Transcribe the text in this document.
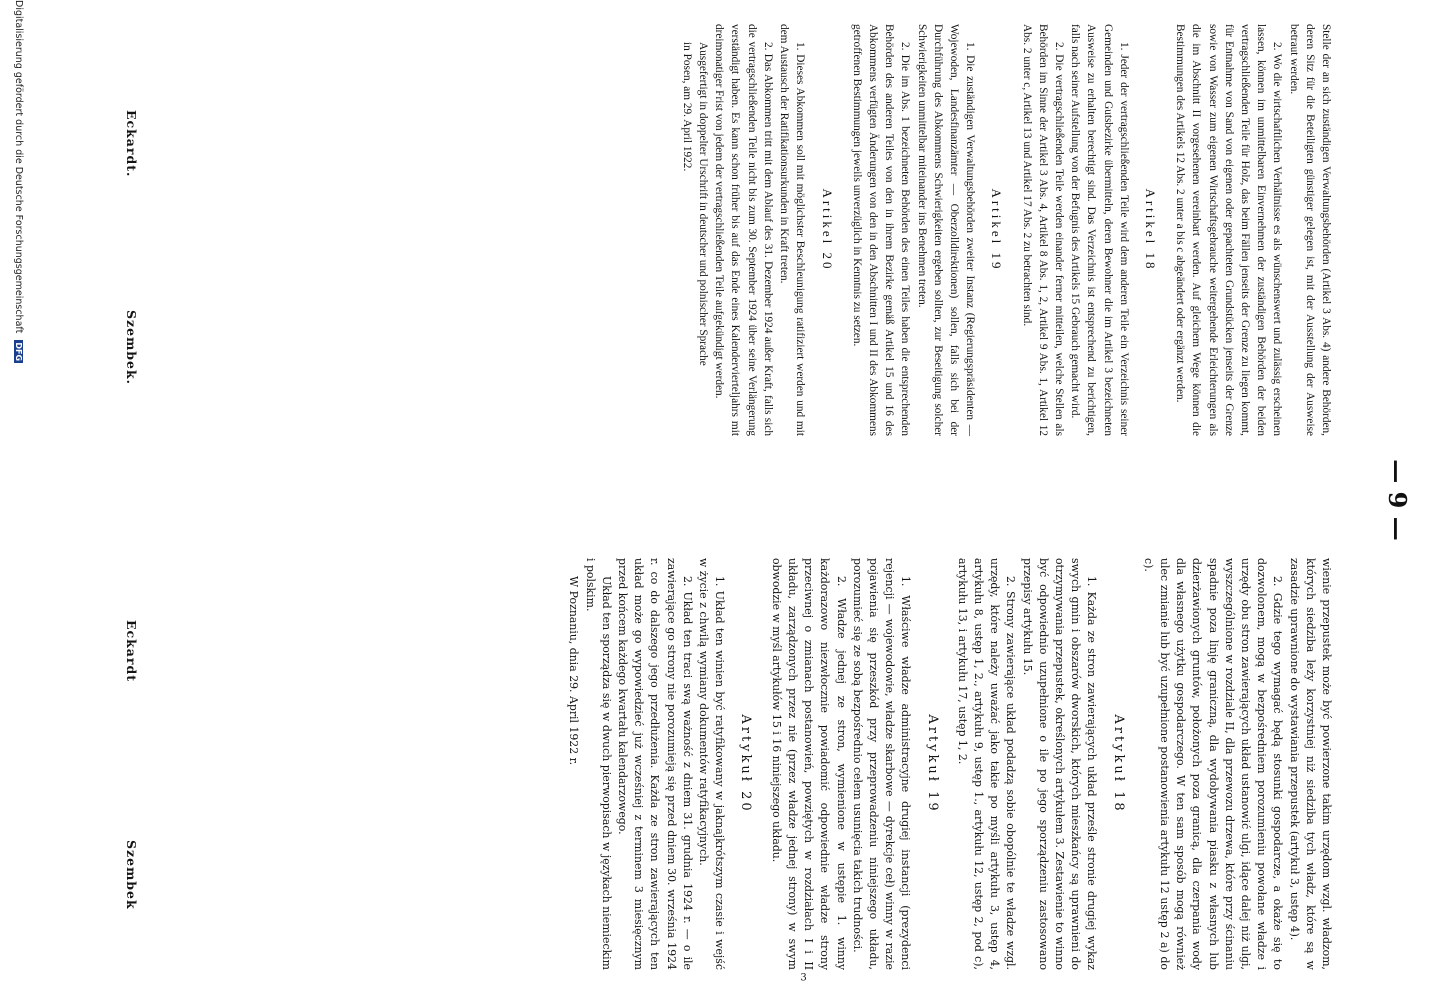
— 9 —

Stelle der an sich zuständigen Verwaltungsbehörden (Artikel 3 Abs. 4) andere Behörden, deren Sitz für die Beteiligten günstiger gelegen ist, mit der Ausstellung der Ausweise betraut werden.

2. Wo die wirtschaftlichen Verhältnisse es als wünschenswert und zulässig erscheinen lassen, können im unmittelbaren Einvernehmen der zuständigen Behörden der beiden vertragschließenden Teile für Holz, das beim Fällen jenseits der Grenze zu liegen kommt, für Entnahme von Sand von eigenen oder gepachteten Grundstücken jenseits der Grenze sowie von Wasser zum eigenen Wirtschaftsgebrauche weitergehende Erleichterungen als die im Abschnitt II vorgesehenen vereinbart werden. Auf gleichem Wege können die Bestimmungen des Artikels 12 Abs. 2 unter a bis c abgeändert oder ergänzt werden.

Artikel 18

1. Jeder der vertragschließenden Teile wird dem anderen Teile ein Verzeichnis seiner Gemeinden und Gutsbezirke übermitteln, deren Bewohner die im Artikel 3 bezeichneten Ausweise zu erhalten berechtigt sind. Das Verzeichnis ist entsprechend zu berichtigen, falls nach seiner Aufstellung von der Befugnis des Artikels 15 Gebrauch gemacht wird.

2. Die vertragschließenden Teile werden einander ferner mitteilen, welche Stellen als Behörden im Sinne der Artikel 3 Abs. 4, Artikel 8 Abs. 1, 2, Artikel 9 Abs. 1, Artikel 12 Abs. 2 unter c, Artikel 13 und Artikel 17 Abs. 2 zu betrachten sind.

Artikel 19

1. Die zuständigen Verwaltungsbehörden zweiter Instanz (Regierungspräsidenten — Wojewoden, Landesfinanzämter — Oberzolldirektionen) sollen, falls sich bei der Durchführung des Abkommens Schwierigkeiten ergeben sollten, zur Beseitigung solcher Schwierigkeiten unmittelbar miteinander ins Benehmen treten.

2. Die im Abs. 1 bezeichneten Behörden des einen Teiles haben die entsprechenden Behörden des anderen Teiles von den in ihrem Bezirke gemäß Artikel 15 und 16 des Abkommens verfügten Änderungen von den in den Abschnitten I und II des Abkommens getroffenen Bestimmungen jeweils unverzüglich in Kenntnis zu setzen.

Artikel 20

1. Dieses Abkommen soll mit möglichster Beschleunigung ratifiziert werden und mit dem Austausch der Ratifikationsurkunden in Kraft treten.

2. Das Abkommen tritt mit dem Ablauf des 31. Dezember 1924 außer Kraft, falls sich die vertragschließenden Teile nicht bis zum 30. September 1924 über seine Verlängerung verständigt haben. Es kann schon früher bis auf das Ende eines Kalendervierteljahrs mit dreimonatiger Frist von jedem der vertragschließenden Teile aufgekündigt werden.

Ausgefertigt in doppelter Urschrift in deutscher und polnischer Sprache

in Posen, am 29. April 1922.

Eckardt.
Szembek.

wienie przepustek może być powierzone takim urzędom wzgl. władzom, których siedziba leży korzystniej niż siedziba tych władz, które są w zasadzie uprawnione do wystawiania przepustek (artykuł 3, ustęp 4).

2. Gdzie tego wymagać będą stosunki gospodarcze, a okaże się to dozwolonem, mogą w bezpośredniem porozumieniu powołane władze i urzędy obu stron zawierających układ ustanowić ulgi, idące dalej niż ulgi, wyszczególnione w rozdziale II, dla przewozu drzewa, które przy ścinaniu spadnie poza linję graniczną, dla wydobywania piasku z własnych lub dzierżawionych gruntów, położonych poza granicą, dla czerpania wody dla własnego użytku gospodarczego. W ten sam sposób mogą również ulec zmianie lub być uzupełnione postanowienia artykułu 12 ustęp 2 a) do c).

Artykuł 18

1. Każda ze stron zawierających układ prześle stronie drugiej wykaz swych gmin i obszarów dworskich, których mieszkańcy są uprawnieni do otrzymywania przepustek, określonych artykułem 3. Zestawienie to winno być odpowiednio uzupełnione o ile po jego sporządzeniu zastosowano przepisy artykułu 15.

2. Strony zawierające układ podadzą sobie obopólnie te władze wzgl. urzędy, które należy uważać jako takie po myśli artykułu 3, ustęp 4, artykułu 8, ustęp 1, 2., artykułu 9, ustęp 1., artykułu 12, ustęp 2, pod c), artykułu 13, i artykułu 17, ustęp 1, 2.

Artykuł 19

1. Właściwe władze administracyjne drugiej instancji (prezydenci rejencji — wojewodowie, władze skarbowe — dyrekcje ceł) winny w razie pojawienia się przeszkód przy przeprowadzeniu niniejszego układu, porozumieć się ze sobą bezpośrednio celem usunięcia takich trudności.

2. Władze jednej ze stron, wymienione w ustępie 1. winny każdorazowo niezwłocznie powiadomić odpowiednie władze strony przeciwnej o zmianach postanowień, powziętych w rozdziałach I i II układu, zarządzonych przez nie (przez władze jednej strony) w swym obwodzie w myśl artykułów 15 i 16 niniejszego układu.

Artykuł 20

1. Układ ten winien być ratyfikowany w jaknajkrótszym czasie i wejść w życie z chwilą wymiany dokumentów ratyfikacyjnych.

2. Układ ten traci swą ważność z dniem 31. grudnia 1924 r. — o ile zawierające go strony nie porozumieją się przed dniem 30. września 1924 r. co do dalszego jego przedłużenia. Każda ze stron zawierających ten układ może go wypowiedzieć już wcześniej z terminem 3 miesięcznym przed końcem każdego kwartału kalendarzowego.

Układ ten sporządza się w dwuch pierwopisach w językach niemieckim i polskim.

W Poznaniu, dnia 29. April 1922 r.

Eckardt
Szembek
3
Digitalisierung gefördert durch die Deutsche Forschungsgemeinschaft DFG
